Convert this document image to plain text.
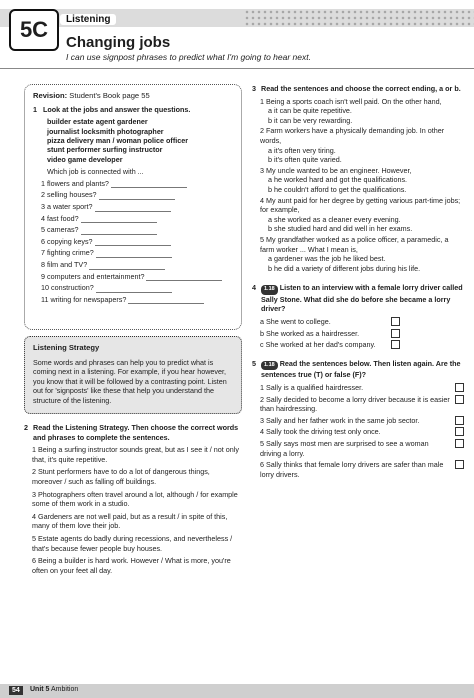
5C	Listening
Changing jobs
I can use signpost phrases to predict what I'm going to hear next.
Revision: Student's Book page 55
1 Look at the jobs and answer the questions.
builder estate agent gardener
journalist locksmith photographer
pizza delivery man / woman police officer
stunt performer surfing instructor
video game developer
Which job is connected with ...
1 flowers and plants?
2 selling houses?
3 a water sport?
4 fast food?
5 cameras?
6 copying keys?
7 fighting crime?
8 film and TV?
9 computers and entertainment?
10 construction?
11 writing for newspapers?
Listening Strategy
Some words and phrases can help you to predict what is coming next in a listening. For example, if you hear however, you know that it will be followed by a contrasting point. Listen out for 'signposts' like these that help you understand the structure of the listening.
2 Read the Listening Strategy. Then choose the correct words and phrases to complete the sentences.
1 Being a surfing instructor sounds great, but as I see it / not only that, it's quite repetitive.
2 Stunt performers have to do a lot of dangerous things, moreover / such as falling off buildings.
3 Photographers often travel around a lot, although / for example some of them work in a studio.
4 Gardeners are not well paid, but as a result / in spite of this, many of them love their job.
5 Estate agents do badly during recessions, and nevertheless / that's because fewer people buy houses.
6 Being a builder is hard work. However / What is more, you're often on your feet all day.
3 Read the sentences and choose the correct ending, a or b.
1 Being a sports coach isn't well paid. On the other hand,
a it can be quite repetitive.
b it can be very rewarding.
2 Farm workers have a physically demanding job. In other words,
a it's often very tiring.
b it's often quite varied.
3 My uncle wanted to be an engineer. However,
a he worked hard and got the qualifications.
b he couldn't afford to get the qualifications.
4 My aunt paid for her degree by getting various part-time jobs; for example,
a she worked as a cleaner every evening.
b she studied hard and did well in her exams.
5 My grandfather worked as a police officer, a paramedic, a farm worker ... What I mean is,
a gardener was the job he liked best.
b he did a variety of different jobs during his life.
4	1.18 Listen to an interview with a female lorry driver called Sally Stone. What did she do before she became a lorry driver?
a She went to college.
b She worked as a hairdresser.
c She worked at her dad's company.
5	1.18 Read the sentences below. Then listen again. Are the sentences true (T) or false (F)?
1 Sally is a qualified hairdresser.
2 Sally decided to become a lorry driver because it is easier than hairdressing.
3 Sally and her father work in the same job sector.
4 Sally took the driving test only once.
5 Sally says most men are surprised to see a woman driving a lorry.
6 Sally thinks that female lorry drivers are safer than male lorry drivers.
54	Unit 5 Ambition
